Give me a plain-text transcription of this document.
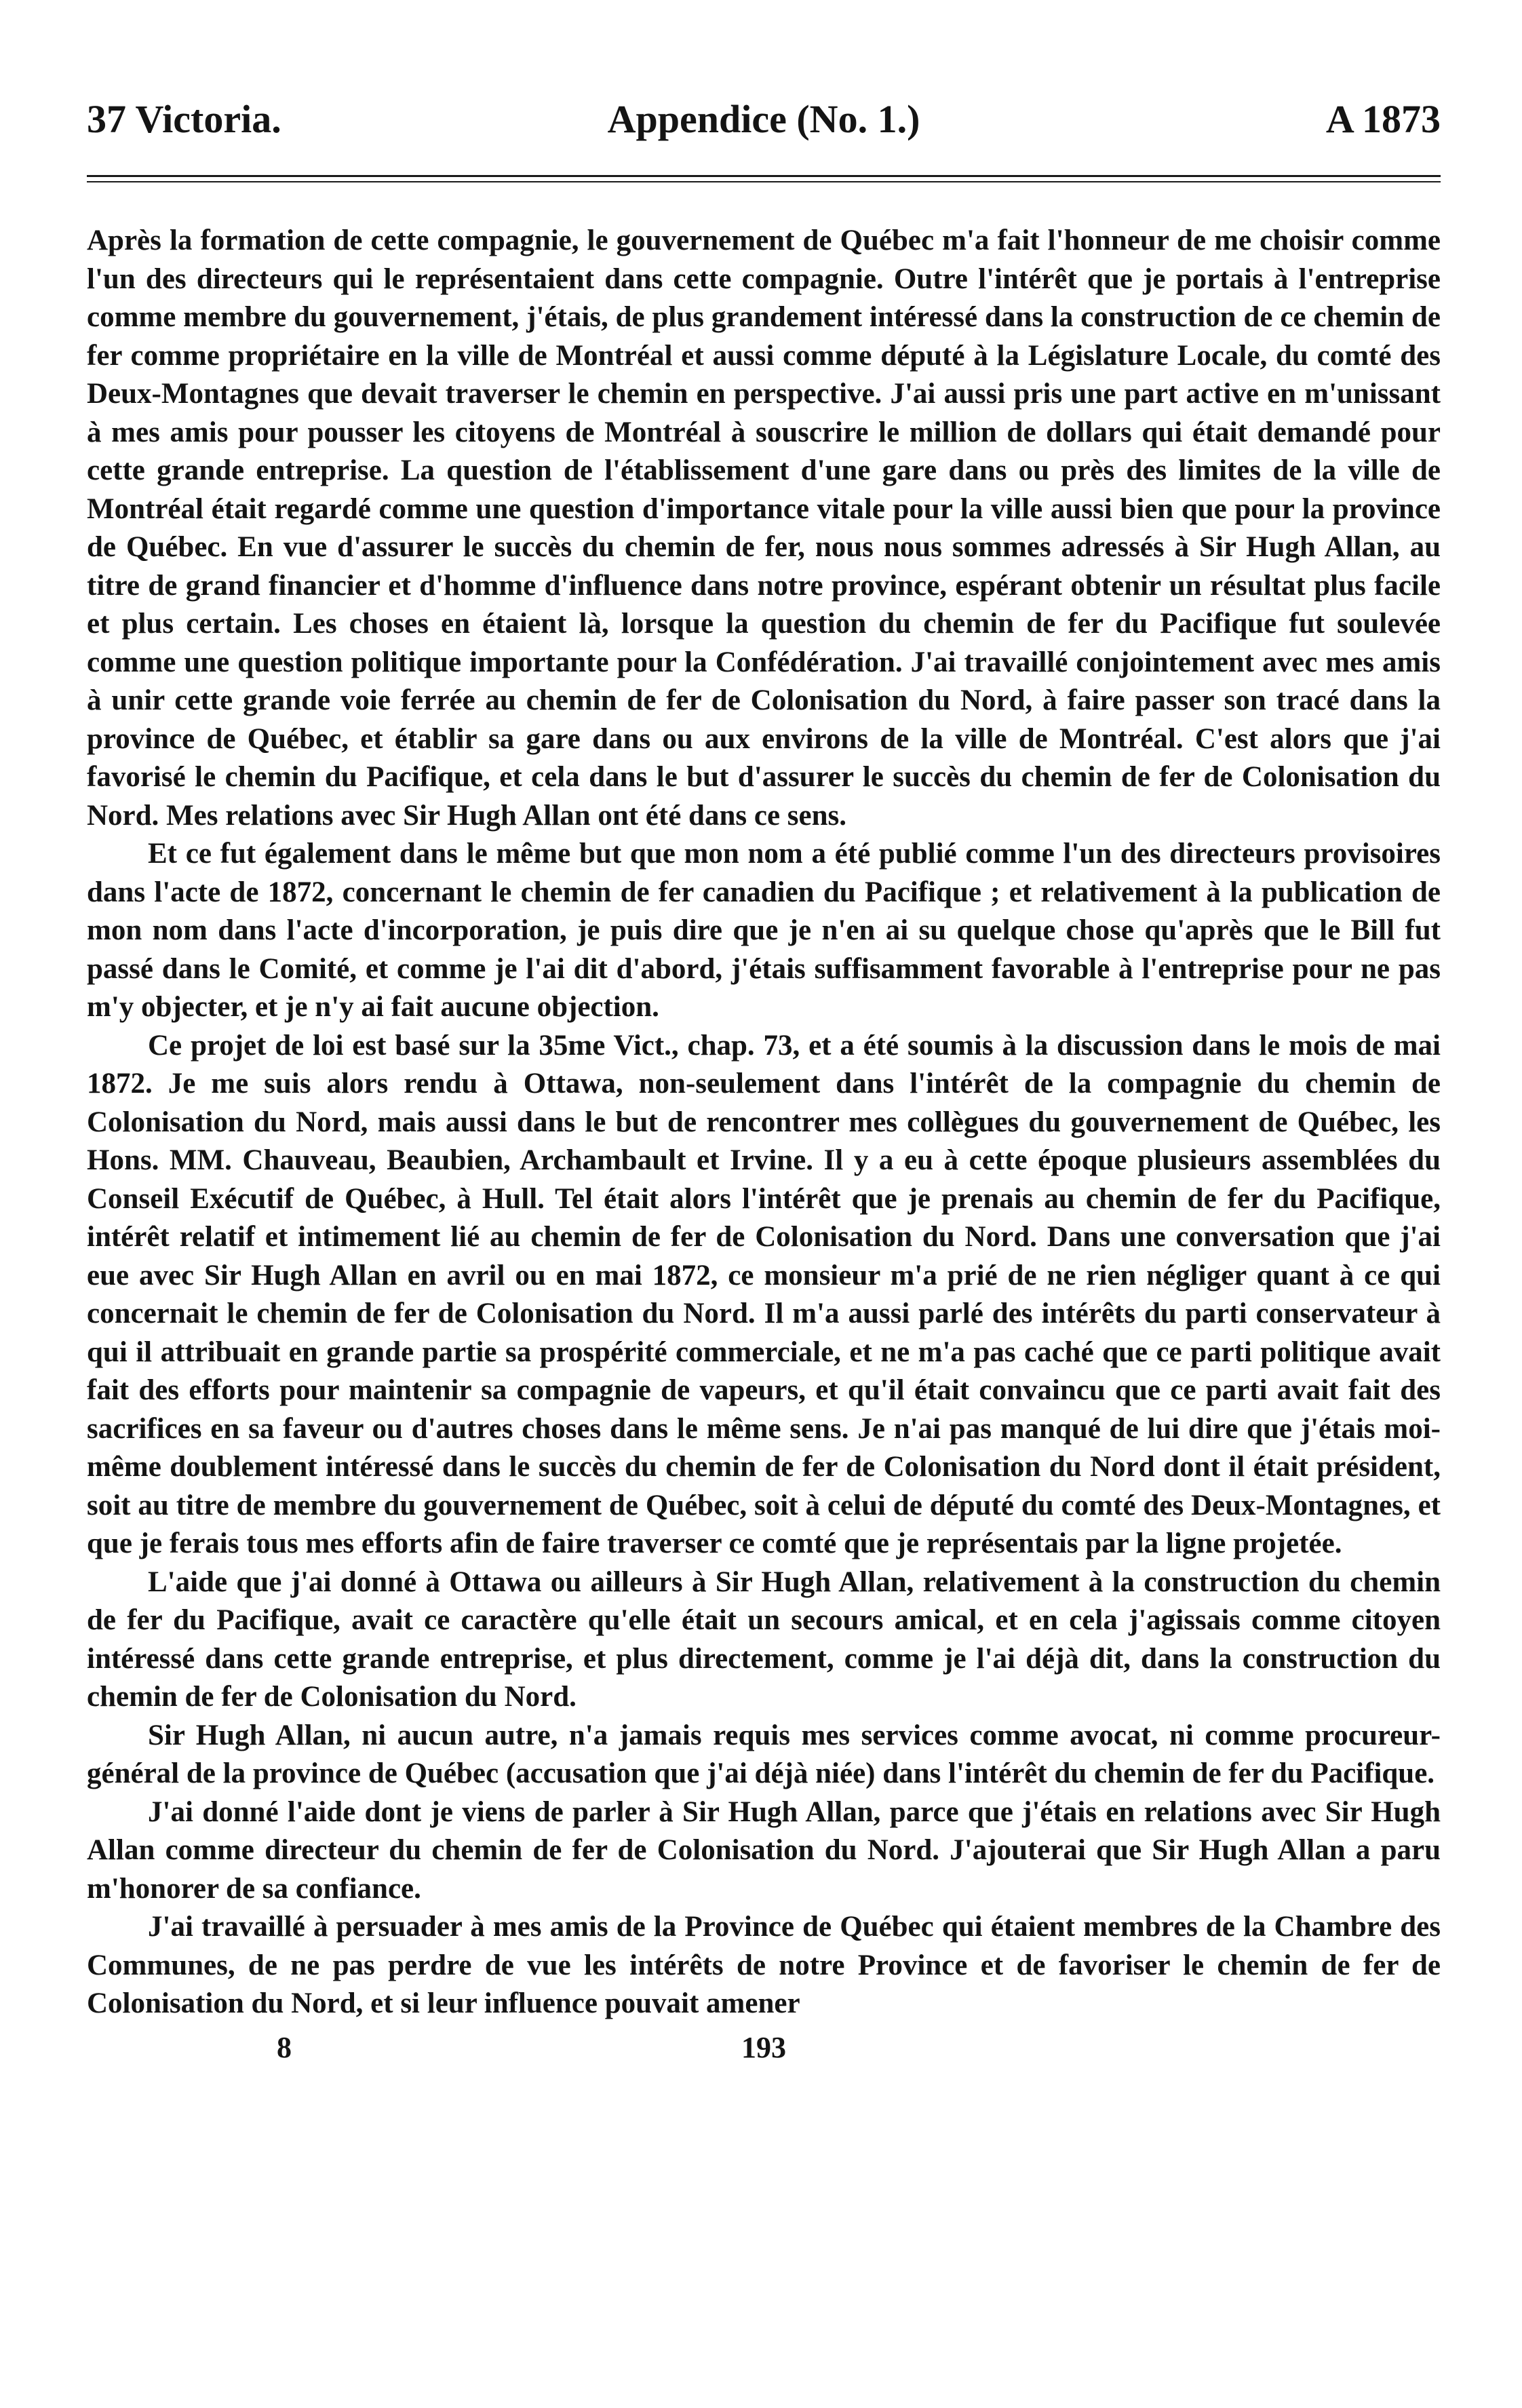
37 Victoria.	Appendice (No. 1.)	A 1873

Après la formation de cette compagnie, le gouvernement de Québec m'a fait l'honneur de me choisir comme l'un des directeurs qui le représentaient dans cette compagnie. Outre l'intérêt que je portais à l'entreprise comme membre du gouvernement, j'étais, de plus grandement intéressé dans la construction de ce chemin de fer comme propriétaire en la ville de Montréal et aussi comme député à la Législature Locale, du comté des Deux-Montagnes que devait traverser le chemin en perspective. J'ai aussi pris une part active en m'unissant à mes amis pour pousser les citoyens de Montréal à souscrire le million de dollars qui était demandé pour cette grande entreprise. La question de l'établissement d'une gare dans ou près des limites de la ville de Montréal était regardé comme une question d'importance vitale pour la ville aussi bien que pour la province de Québec. En vue d'assurer le succès du chemin de fer, nous nous sommes adressés à Sir Hugh Allan, au titre de grand financier et d'homme d'influence dans notre province, espérant obtenir un résultat plus facile et plus certain. Les choses en étaient là, lorsque la question du chemin de fer du Pacifique fut soulevée comme une question politique importante pour la Confédération. J'ai travaillé conjointement avec mes amis à unir cette grande voie ferrée au chemin de fer de Colonisation du Nord, à faire passer son tracé dans la province de Québec, et établir sa gare dans ou aux environs de la ville de Montréal. C'est alors que j'ai favorisé le chemin du Pacifique, et cela dans le but d'assurer le succès du chemin de fer de Colonisation du Nord. Mes relations avec Sir Hugh Allan ont été dans ce sens.

Et ce fut également dans le même but que mon nom a été publié comme l'un des directeurs provisoires dans l'acte de 1872, concernant le chemin de fer canadien du Pacifique ; et relativement à la publication de mon nom dans l'acte d'incorporation, je puis dire que je n'en ai su quelque chose qu'après que le Bill fut passé dans le Comité, et comme je l'ai dit d'abord, j'étais suffisamment favorable à l'entreprise pour ne pas m'y objecter, et je n'y ai fait aucune objection.

Ce projet de loi est basé sur la 35me Vict., chap. 73, et a été soumis à la discussion dans le mois de mai 1872. Je me suis alors rendu à Ottawa, non-seulement dans l'intérêt de la compagnie du chemin de Colonisation du Nord, mais aussi dans le but de rencontrer mes collègues du gouvernement de Québec, les Hons. MM. Chauveau, Beaubien, Archambault et Irvine. Il y a eu à cette époque plusieurs assemblées du Conseil Exécutif de Québec, à Hull. Tel était alors l'intérêt que je prenais au chemin de fer du Pacifique, intérêt relatif et intimement lié au chemin de fer de Colonisation du Nord. Dans une conversation que j'ai eue avec Sir Hugh Allan en avril ou en mai 1872, ce monsieur m'a prié de ne rien négliger quant à ce qui concernait le chemin de fer de Colonisation du Nord. Il m'a aussi parlé des intérêts du parti conservateur à qui il attribuait en grande partie sa prospérité commerciale, et ne m'a pas caché que ce parti politique avait fait des efforts pour maintenir sa compagnie de vapeurs, et qu'il était convaincu que ce parti avait fait des sacrifices en sa faveur ou d'autres choses dans le même sens. Je n'ai pas manqué de lui dire que j'étais moi-même doublement intéressé dans le succès du chemin de fer de Colonisation du Nord dont il était président, soit au titre de membre du gouvernement de Québec, soit à celui de député du comté des Deux-Montagnes, et que je ferais tous mes efforts afin de faire traverser ce comté que je représentais par la ligne projetée.

L'aide que j'ai donné à Ottawa ou ailleurs à Sir Hugh Allan, relativement à la construction du chemin de fer du Pacifique, avait ce caractère qu'elle était un secours amical, et en cela j'agissais comme citoyen intéressé dans cette grande entreprise, et plus directement, comme je l'ai déjà dit, dans la construction du chemin de fer de Colonisation du Nord.

Sir Hugh Allan, ni aucun autre, n'a jamais requis mes services comme avocat, ni comme procureur-général de la province de Québec (accusation que j'ai déjà niée) dans l'intérêt du chemin de fer du Pacifique.

J'ai donné l'aide dont je viens de parler à Sir Hugh Allan, parce que j'étais en relations avec Sir Hugh Allan comme directeur du chemin de fer de Colonisation du Nord. J'ajouterai que Sir Hugh Allan a paru m'honorer de sa confiance.

J'ai travaillé à persuader à mes amis de la Province de Québec qui étaient membres de la Chambre des Communes, de ne pas perdre de vue les intérêts de notre Province et de favoriser le chemin de fer de Colonisation du Nord, et si leur influence pouvait amener

8	193
